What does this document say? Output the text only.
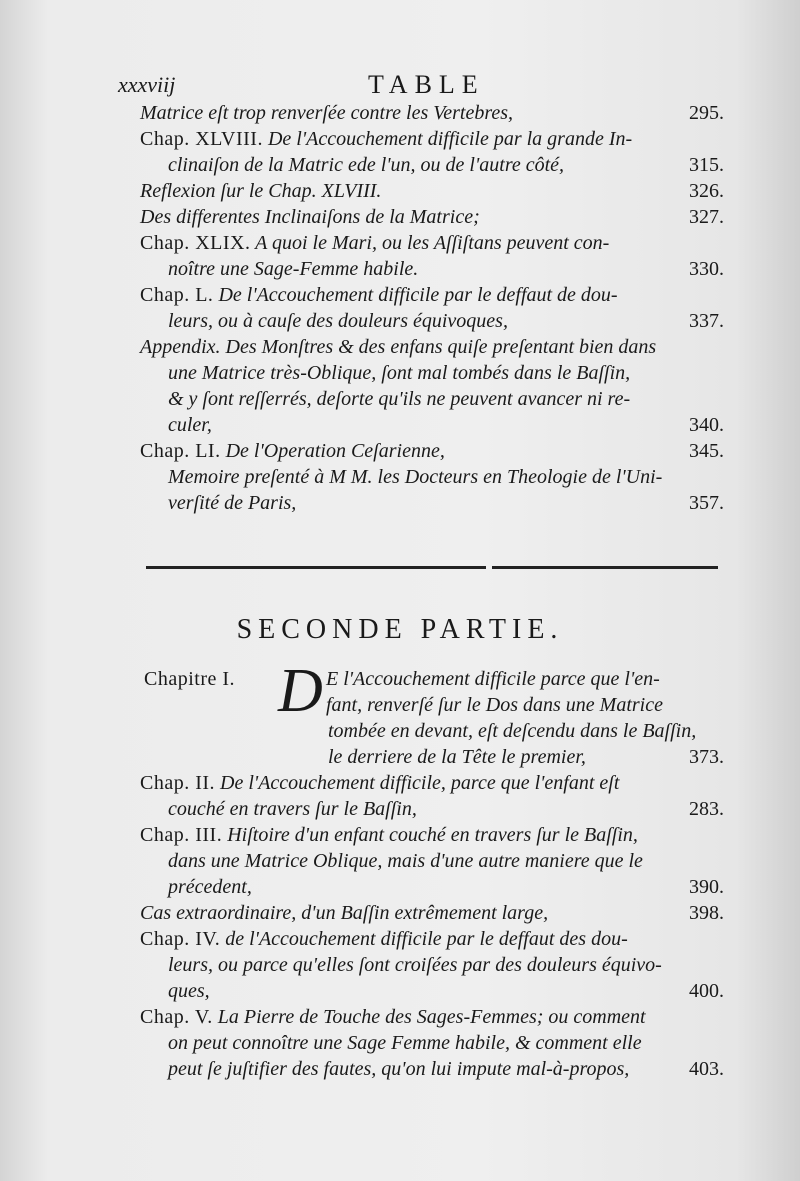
xxxviij	TABLE
Matrice eſt trop renverſée contre les Vertebres,	295.
Chap. XLVIII. De l'Accouchement difficile par la grande In-
clinaiſon de la Matric ede l'un, ou de l'autre côté,	315.
Reflexion ſur le Chap. XLVIII.	326.
Des differentes Inclinaiſons de la Matrice;	327.
Chap. XLIX. A quoi le Mari, ou les Aſſiſtans peuvent con-
noître une Sage-Femme habile.	330.
Chap. L. De l'Accouchement difficile par le deffaut de dou-
leurs, ou à cauſe des douleurs équivoques,	337.
Appendix. Des Monſtres & des enfans quiſe preſentant bien dans
une Matrice très-Oblique, ſont mal tombés dans le Baſſin,
& y ſont reſſerrés, deſorte qu'ils ne peuvent avancer ni re-
culer,	340.
Chap. LI. De l'Operation Ceſarienne,	345.
Memoire preſenté à M M. les Docteurs en Theologie de l'Uni-
verſité de Paris,	357.
SECONDE PARTIE.
Chapitre I. D E l'Accouchement difficile parce que l'en-
fant, renverſé ſur le Dos dans une Matrice
tombée en devant, eſt deſcendu dans le Baſſin,
le derriere de la Tête le premier,	373.
Chap. II. De l'Accouchement difficile, parce que l'enfant eſt
couché en travers ſur le Baſſin,	283.
Chap. III. Hiſtoire d'un enfant couché en travers ſur le Baſſin,
dans une Matrice Oblique, mais d'une autre maniere que le
précedent,	390.
Cas extraordinaire, d'un Baſſin extrêmement large,	398.
Chap. IV. de l'Accouchement difficile par le deffaut des dou-
leurs, ou parce qu'elles ſont croiſées par des douleurs équivo-
ques,	400.
Chap. V. La Pierre de Touche des Sages-Femmes; ou comment
on peut connoître une Sage Femme habile, & comment elle
peut ſe juſtifier des fautes, qu'on lui impute mal-à-propos,	403.
